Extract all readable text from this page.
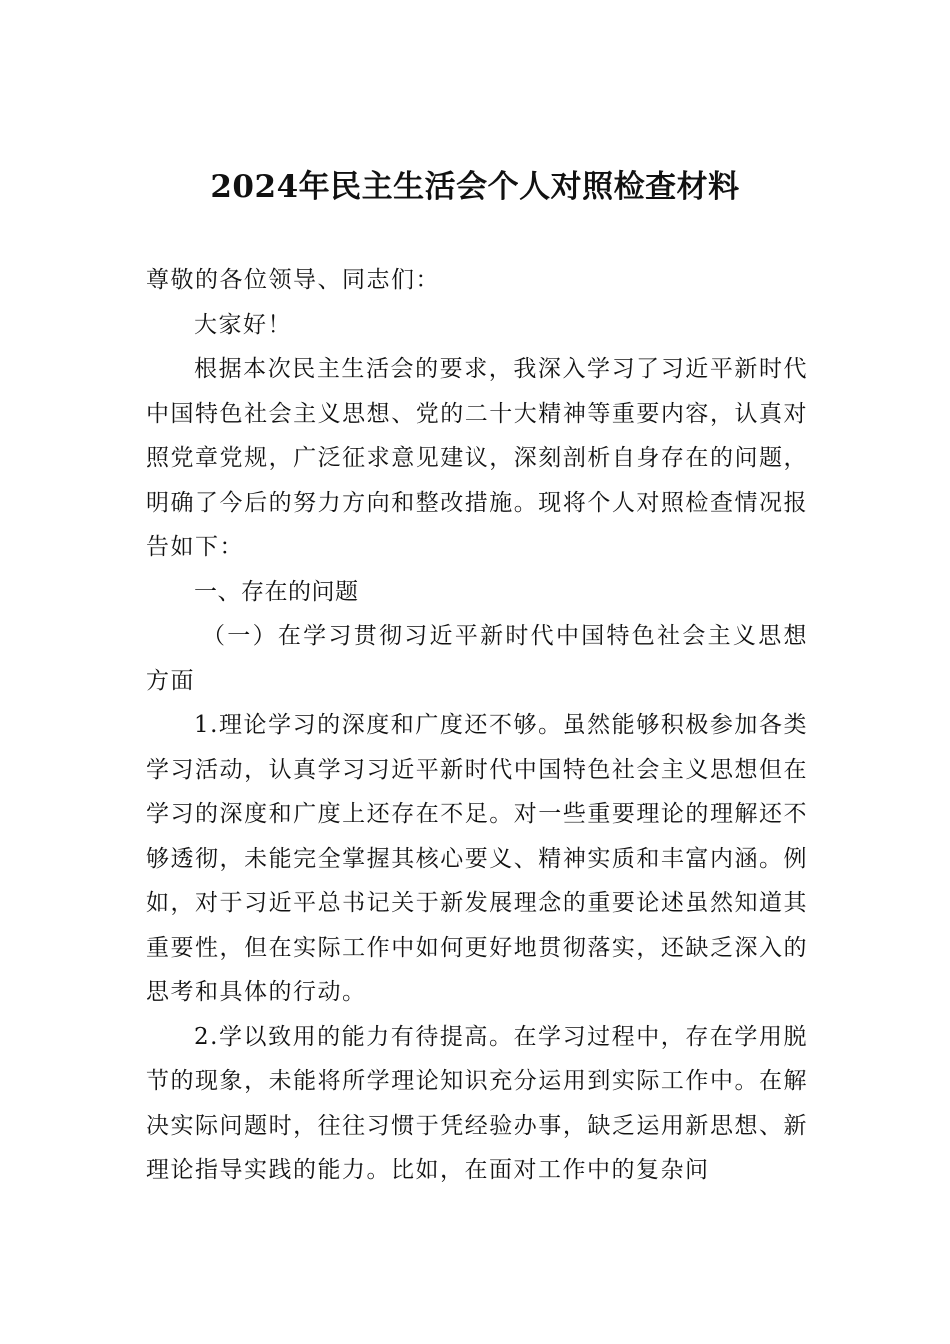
2024年民主生活会个人对照检查材料

尊敬的各位领导、同志们：

大家好！

根据本次民主生活会的要求，我深入学习了习近平新时代中国特色社会主义思想、党的二十大精神等重要内容，认真对照党章党规，广泛征求意见建议，深刻剖析自身存在的问题，明确了今后的努力方向和整改措施。现将个人对照检查情况报告如下：

一、存在的问题

（一）在学习贯彻习近平新时代中国特色社会主义思想方面

1.理论学习的深度和广度还不够。虽然能够积极参加各类学习活动，认真学习习近平新时代中国特色社会主义思想但在学习的深度和广度上还存在不足。对一些重要理论的理解还不够透彻，未能完全掌握其核心要义、精神实质和丰富内涵。例如，对于习近平总书记关于新发展理念的重要论述虽然知道其重要性，但在实际工作中如何更好地贯彻落实，还缺乏深入的思考和具体的行动。

2.学以致用的能力有待提高。在学习过程中，存在学用脱节的现象，未能将所学理论知识充分运用到实际工作中。在解决实际问题时，往往习惯于凭经验办事，缺乏运用新思想、新理论指导实践的能力。比如，在面对工作中的复杂问
